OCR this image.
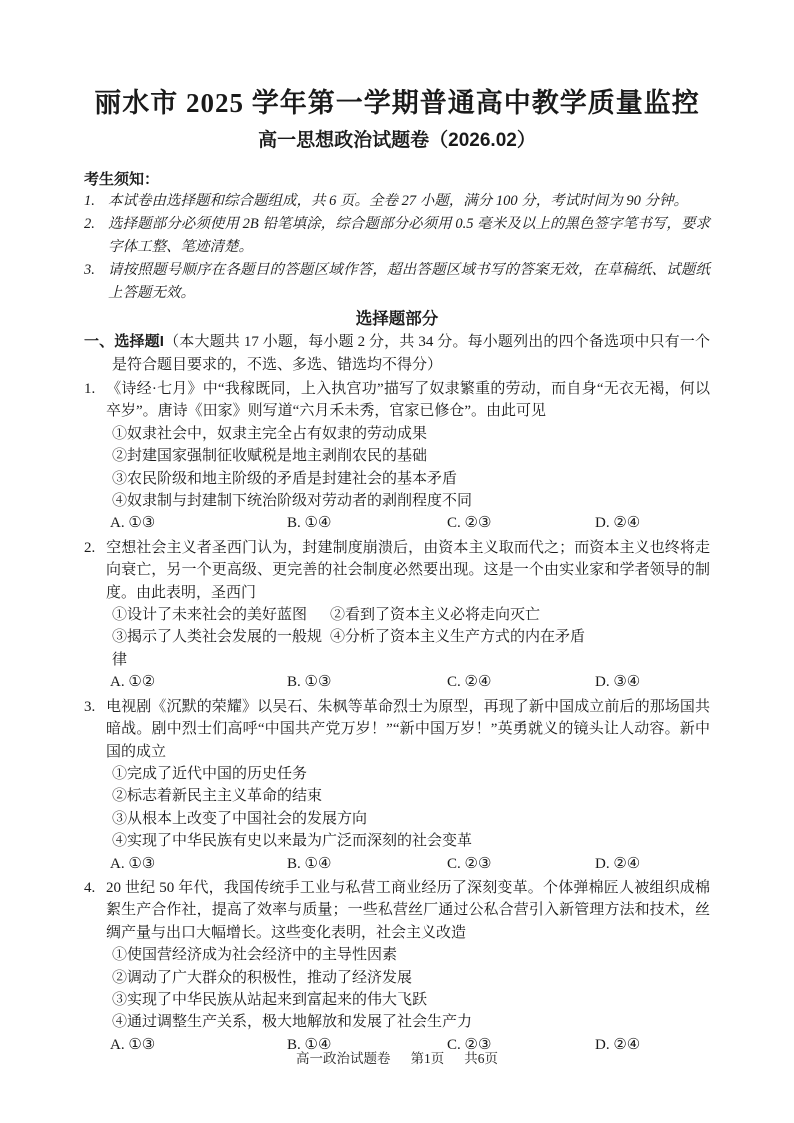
丽水市 2025 学年第一学期普通高中教学质量监控
高一思想政治试题卷（2026.02）
考生须知：
1. 本试卷由选择题和综合题组成，共 6 页。全卷 27 小题，满分 100 分，考试时间为 90 分钟。
2. 选择题部分必须使用 2B 铅笔填涂，综合题部分必须用 0.5 毫米及以上的黑色签字笔书写，要求字体工整、笔迹清楚。
3. 请按照题号顺序在各题目的答题区域作答，超出答题区域书写的答案无效，在草稿纸、试题纸上答题无效。
选择题部分
一、选择题I（本大题共 17 小题，每小题 2 分，共 34 分。每小题列出的四个备选项中只有一个是符合题目要求的，不选、多选、错选均不得分）
1. 《诗经·七月》中“我稼既同，上入执宫功”描写了奴隶繁重的劳动，而自身“无衣无褐，何以卒岁”。唐诗《田家》则写道“六月禾未秀，官家已修仓”。由此可见
①奴隶社会中，奴隶主完全占有奴隶的劳动成果
②封建国家强制征收赋税是地主剥削农民的基础
③农民阶级和地主阶级的矛盾是封建社会的基本矛盾
④奴隶制与封建制下统治阶级对劳动者的剥削程度不同
A. ①③	B. ①④	C. ②③	D. ②④
2. 空想社会主义者圣西门认为，封建制度崩溃后，由资本主义取而代之；而资本主义也终将走向衰亡，另一个更高级、更完善的社会制度必然要出现。这是一个由实业家和学者领导的制度。由此表明，圣西门
①设计了未来社会的美好蓝图	②看到了资本主义必将走向灭亡
③揭示了人类社会发展的一般规律
④分析了资本主义生产方式的内在矛盾
A. ①②	B. ①③	C. ②④	D. ③④
3. 电视剧《沉默的荣耀》以吴石、朱枫等革命烈士为原型，再现了新中国成立前后的那场国共暗战。剧中烈士们高呼“中国共产党万岁！”“新中国万岁！”英勇就义的镜头让人动容。新中国的成立
①完成了近代中国的历史任务
②标志着新民主主义革命的结束
③从根本上改变了中国社会的发展方向
④实现了中华民族有史以来最为广泛而深刻的社会变革
A. ①③	B. ①④	C. ②③	D. ②④
4. 20 世纪 50 年代，我国传统手工业与私营工商业经历了深刻变革。个体弹棉匠人被组织成棉絮生产合作社，提高了效率与质量；一些私营丝厂通过公私合营引入新管理方法和技术，丝绸产量与出口大幅增长。这些变化表明，社会主义改造
①使国营经济成为社会经济中的主导性因素
②调动了广大群众的积极性，推动了经济发展
③实现了中华民族从站起来到富起来的伟大飞跃
④通过调整生产关系，极大地解放和发展了社会生产力
A. ①③	B. ①④	C. ②③	D. ②④
高一政治试题卷 第1页 共6页
